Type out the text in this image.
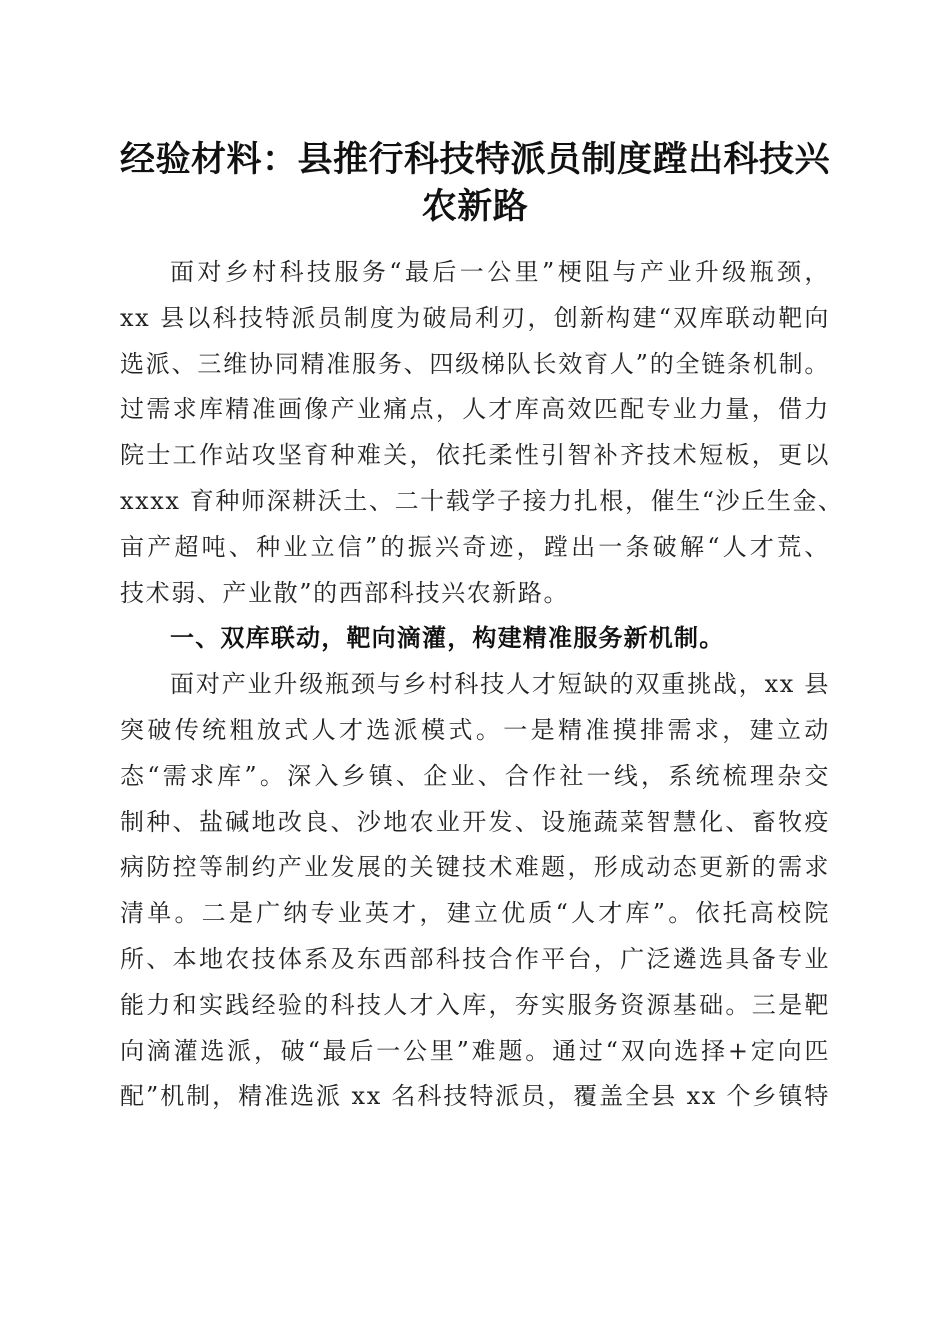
经验材料：县推行科技特派员制度蹚出科技兴
农新路
面对乡村科技服务“最后一公里”梗阻与产业升级瓶颈，
xx 县以科技特派员制度为破局利刃，创新构建“双库联动靶向
选派、三维协同精准服务、四级梯队长效育人”的全链条机制。
过需求库精准画像产业痛点，人才库高效匹配专业力量，借力
院士工作站攻坚育种难关，依托柔性引智补齐技术短板，更以
xxxx 育种师深耕沃土、二十载学子接力扎根，催生“沙丘生金、
亩产超吨、种业立信”的振兴奇迹，蹚出一条破解“人才荒、
技术弱、产业散”的西部科技兴农新路。
一、双库联动，靶向滴灌，构建精准服务新机制。
面对产业升级瓶颈与乡村科技人才短缺的双重挑战，xx 县
突破传统粗放式人才选派模式。一是精准摸排需求，建立动
态“需求库”。深入乡镇、企业、合作社一线，系统梳理杂交
制种、盐碱地改良、沙地农业开发、设施蔬菜智慧化、畜牧疫
病防控等制约产业发展的关键技术难题，形成动态更新的需求
清单。二是广纳专业英才，建立优质“人才库”。依托高校院
所、本地农技体系及东西部科技合作平台，广泛遴选具备专业
能力和实践经验的科技人才入库，夯实服务资源基础。三是靶
向滴灌选派，破“最后一公里”难题。通过“双向选择+定向匹
配”机制，精准选派 xx 名科技特派员，覆盖全县 xx 个乡镇特
